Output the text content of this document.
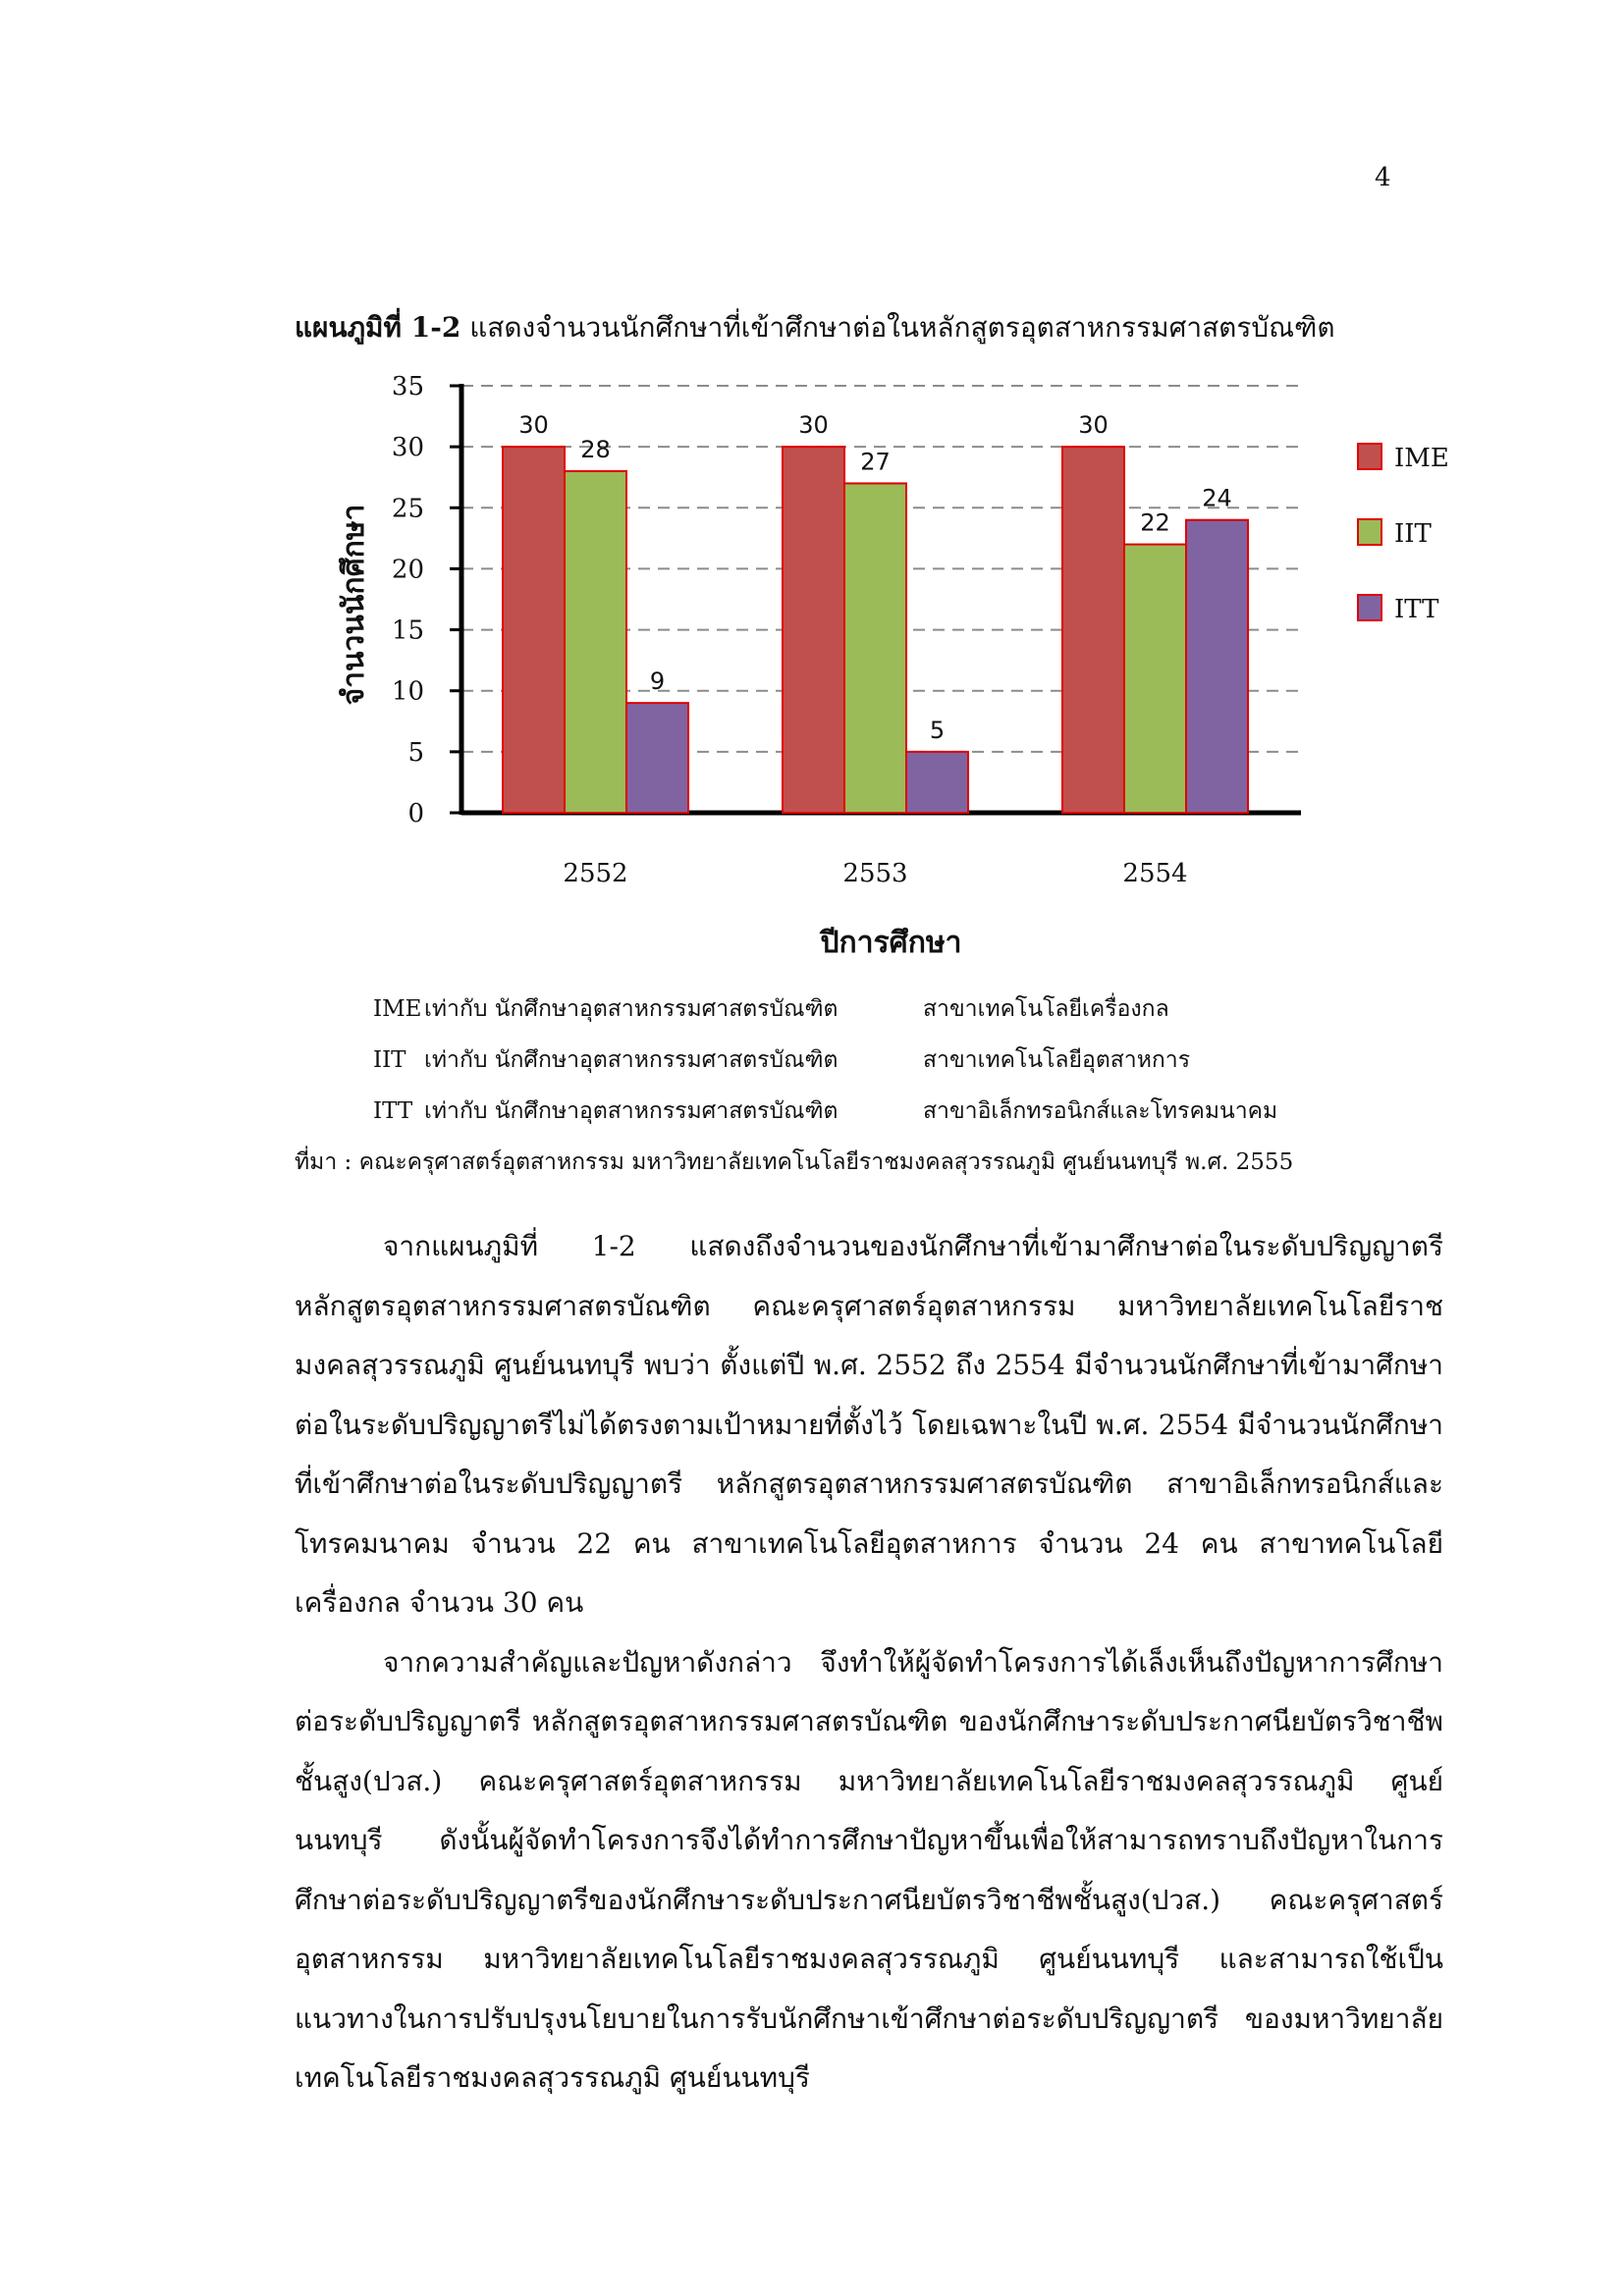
4
แผนภูมิที่ 1-2 แสดงจำนวนนักศึกษาที่เข้าศึกษาต่อในหลักสูตรอุตสาหกรรมศาสตรบัณฑิต
0
5
10
15
20
25
30
35
30
28
9
2552
30
27
5
2553
30
22
24
2554
ปีการศึกษา
จำนวนนักศึกษา
IME
IIT
ITT
IME เท่ากับ นักศึกษาอุตสาหกรรมศาสตรบัณฑิต	สาขาเทคโนโลยีเครื่องกล
IIT เท่ากับ นักศึกษาอุตสาหกรรมศาสตรบัณฑิต	สาขาเทคโนโลยีอุตสาหการ
ITT เท่ากับ นักศึกษาอุตสาหกรรมศาสตรบัณฑิต	สาขาอิเล็กทรอนิกส์และโทรคมนาคม
ที่มา : คณะครุศาสตร์อุตสาหกรรม มหาวิทยาลัยเทคโนโลยีราชมงคลสุวรรณภูมิ ศูนย์นนทบุรี พ.ศ. 2555

จากแผนภูมิที่ 1-2 แสดงถึงจำนวนของนักศึกษาที่เข้ามาศึกษาต่อในระดับปริญญาตรี หลักสูตรอุตสาหกรรมศาสตรบัณฑิต คณะครุศาสตร์อุตสาหกรรม มหาวิทยาลัยเทคโนโลยีราชมงคลสุวรรณภูมิ ศูนย์นนทบุรี พบว่า ตั้งแต่ปี พ.ศ. 2552 ถึง 2554 มีจำนวนนักศึกษาที่เข้ามาศึกษาต่อในระดับปริญญาตรีไม่ได้ตรงตามเป้าหมายที่ตั้งไว้ โดยเฉพาะในปี พ.ศ. 2554 มีจำนวนนักศึกษาที่เข้าศึกษาต่อในระดับปริญญาตรี หลักสูตรอุตสาหกรรมศาสตรบัณฑิต สาขาอิเล็กทรอนิกส์และโทรคมนาคม จำนวน 22 คน สาขาเทคโนโลยีอุตสาหการ จำนวน 24 คน สาขาทคโนโลยีเครื่องกล จำนวน 30 คน

จากความสำคัญและปัญหาดังกล่าว จึงทำให้ผู้จัดทำโครงการได้เล็งเห็นถึงปัญหาการศึกษาต่อระดับปริญญาตรี หลักสูตรอุตสาหกรรมศาสตรบัณฑิต ของนักศึกษาระดับประกาศนียบัตรวิชาชีพชั้นสูง(ปวส.) คณะครุศาสตร์อุตสาหกรรม มหาวิทยาลัยเทคโนโลยีราชมงคลสุวรรณภูมิ ศูนย์นนทบุรี ดังนั้นผู้จัดทำโครงการจึงได้ทำการศึกษาปัญหาขึ้นเพื่อให้สามารถทราบถึงปัญหาในการศึกษาต่อระดับปริญญาตรีของนักศึกษาระดับประกาศนียบัตรวิชาชีพชั้นสูง(ปวส.) คณะครุศาสตร์อุตสาหกรรม มหาวิทยาลัยเทคโนโลยีราชมงคลสุวรรณภูมิ ศูนย์นนทบุรี และสามารถใช้เป็นแนวทางในการปรับปรุงนโยบายในการรับนักศึกษาเข้าศึกษาต่อระดับปริญญาตรี ของมหาวิทยาลัยเทคโนโลยีราชมงคลสุวรรณภูมิ ศูนย์นนทบุรี
